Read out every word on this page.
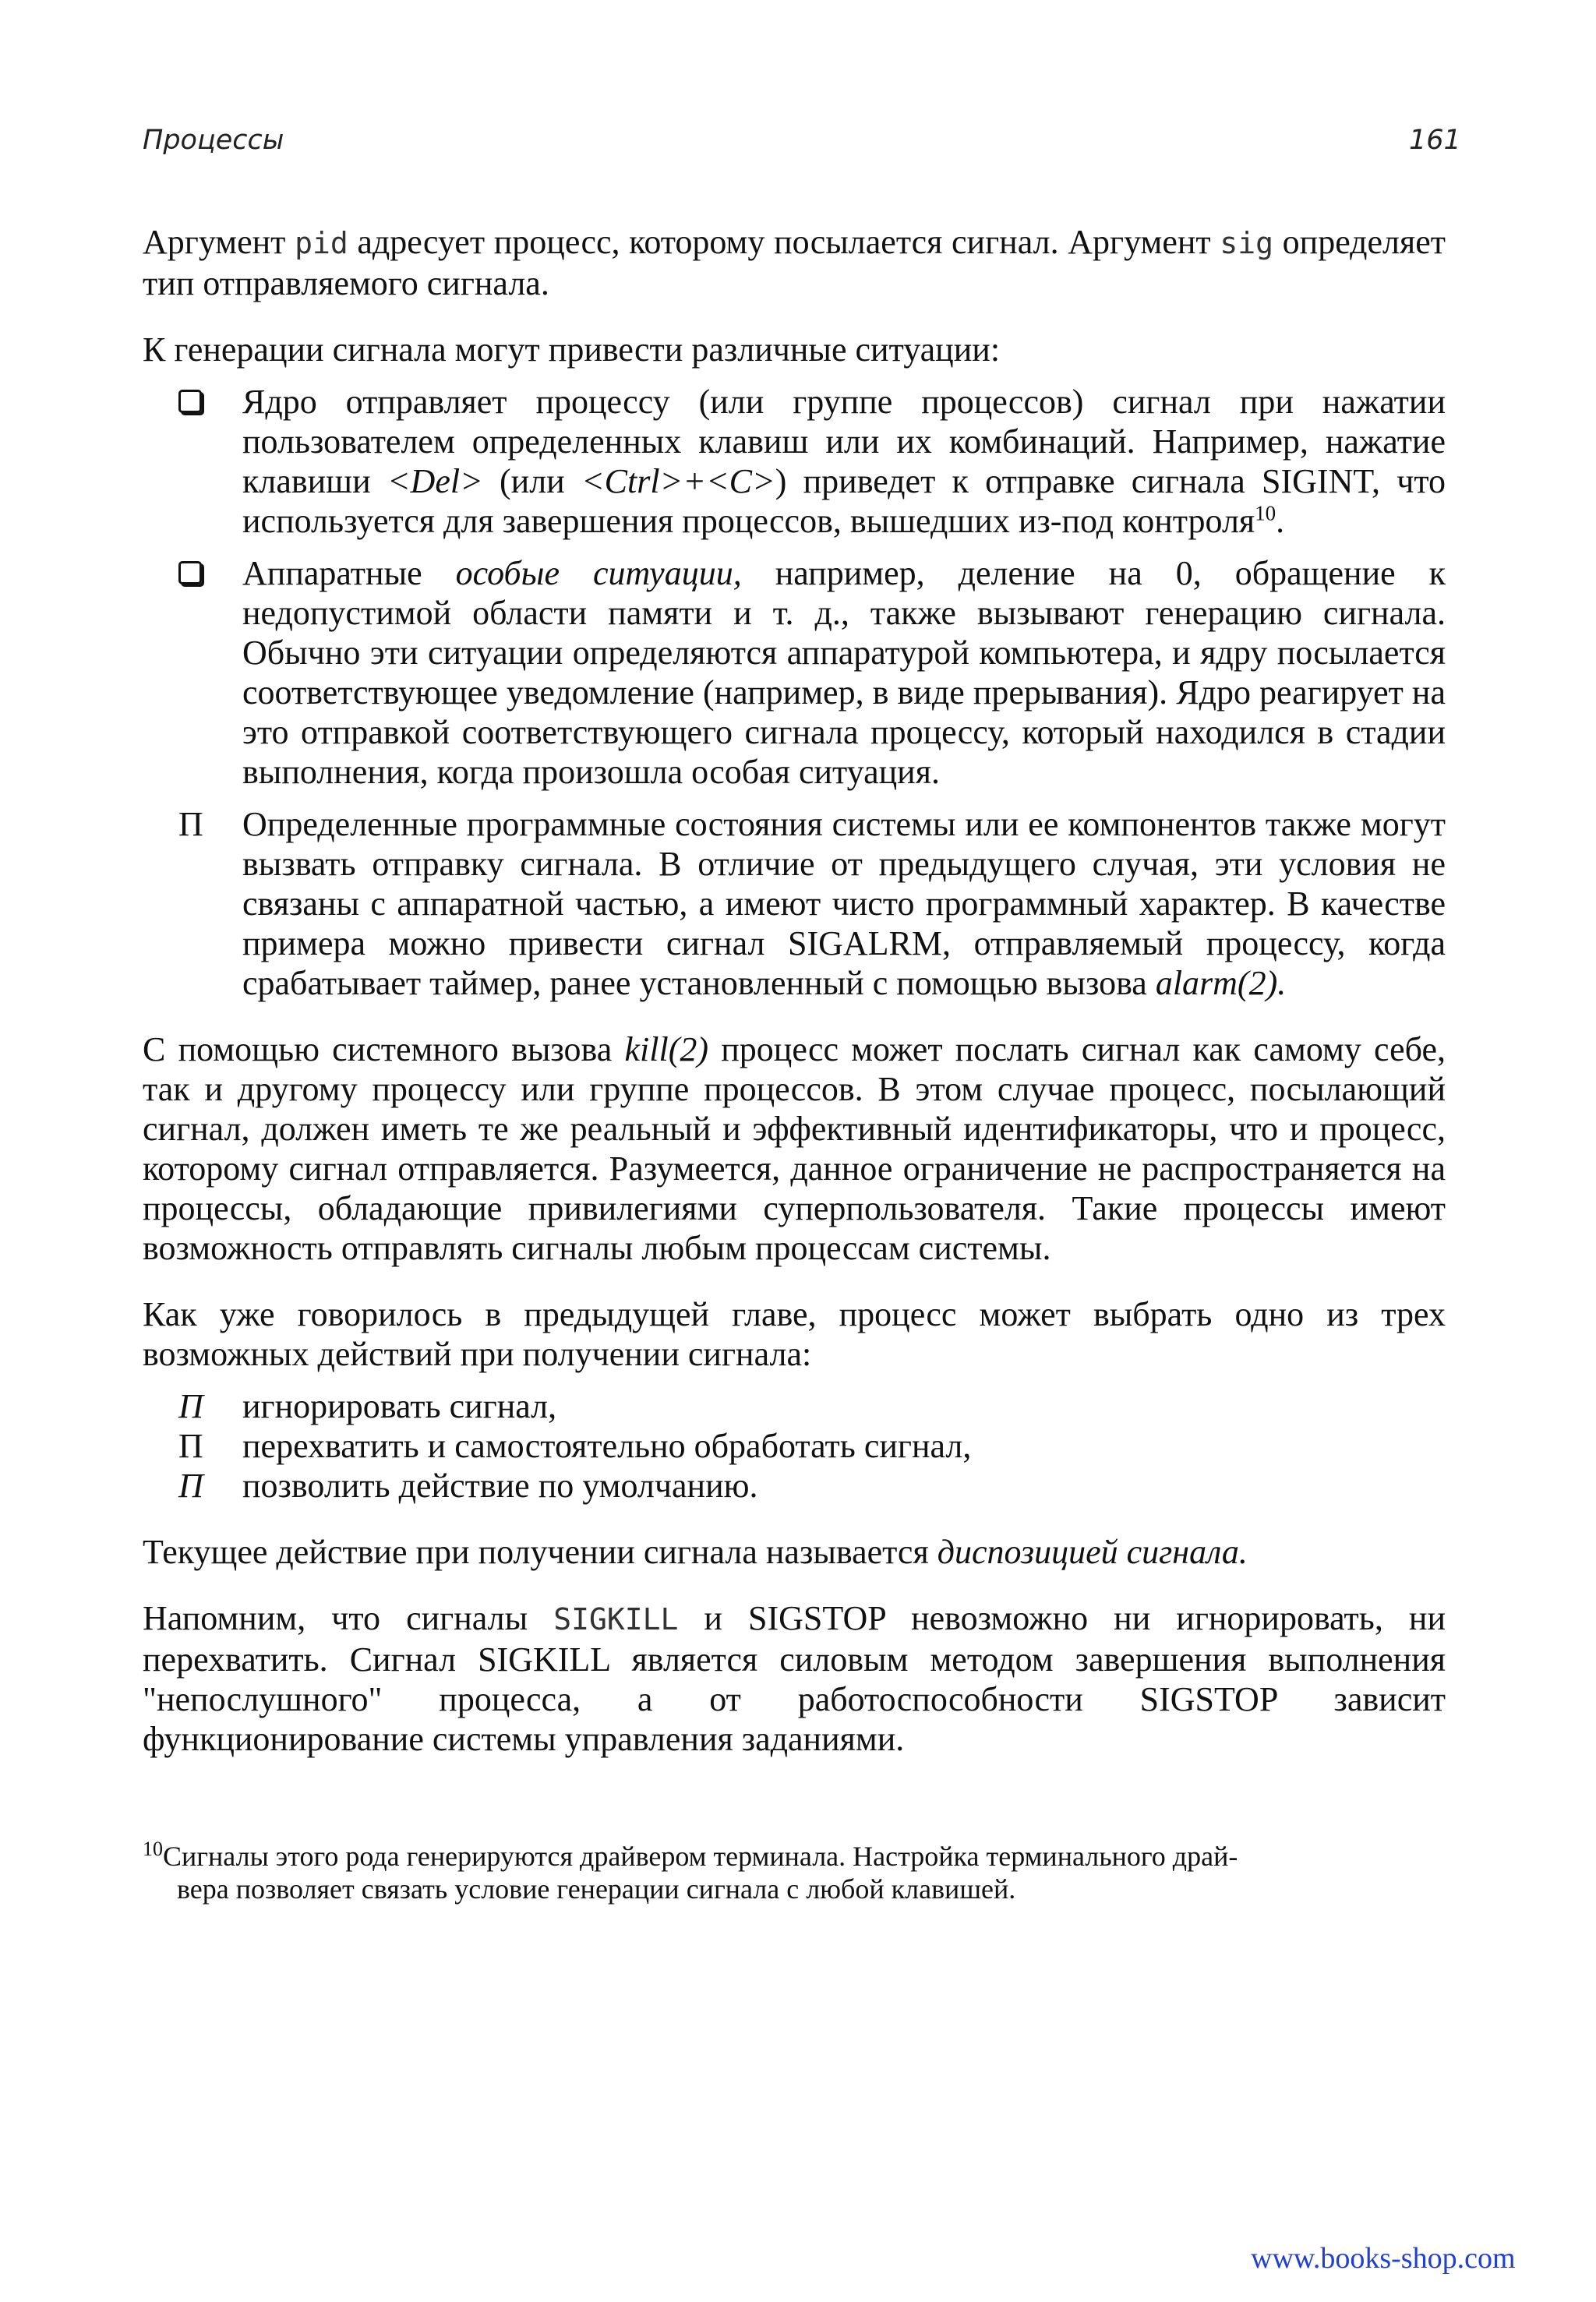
Процессы	161

Аргумент pid адресует процесс, которому посылается сигнал. Аргумент sig определяет тип отправляемого сигнала.

К генерации сигнала могут привести различные ситуации:

Ядро отправляет процессу (или группе процессов) сигнал при нажатии пользователем определенных клавиш или их комбинаций. Например, нажатие клавиши <Del> (или <Ctrl>+<C>) приведет к отправке сигнала SIGINT, что используется для завершения процессов, вышедших из-под контроля$^{10}$.
Аппаратные особые ситуации, например, деление на 0, обращение к недопустимой области памяти и т. д., также вызывают генерацию сигнала. Обычно эти ситуации определяются аппаратурой компьютера, и ядру посылается соответствующее уведомление (например, в виде прерывания). Ядро реагирует на это отправкой соответствующего сигнала процессу, который находился в стадии выполнения, когда произошла особая ситуация.
П	Определенные программные состояния системы или ее компонентов также могут вызвать отправку сигнала. В отличие от предыдущего случая, эти условия не связаны с аппаратной частью, а имеют чисто программный характер. В качестве примера можно привести сигнал SIGALRM, отправляемый процессу, когда срабатывает таймер, ранее установленный с помощью вызова alarm(2).

С помощью системного вызова kill(2) процесс может послать сигнал как самому себе, так и другому процессу или группе процессов. В этом случае процесс, посылающий сигнал, должен иметь те же реальный и эффективный идентификаторы, что и процесс, которому сигнал отправляется. Разумеется, данное ограничение не распространяется на процессы, обладающие привилегиями суперпользователя. Такие процессы имеют возможность отправлять сигналы любым процессам системы.

Как уже говорилось в предыдущей главе, процесс может выбрать одно из трех возможных действий при получении сигнала:

П игнорировать сигнал,
П перехватить и самостоятельно обработать сигнал,
П позволить действие по умолчанию.

Текущее действие при получении сигнала называется диспозицией сигнала.

Напомним, что сигналы SIGKILL и SIGSTOP невозможно ни игнорировать, ни перехватить. Сигнал SIGKILL является силовым методом завершения выполнения "непослушного" процесса, а от работоспособности SIGSTOP зависит функционирование системы управления заданиями.

$^{10}$Сигналы этого рода генерируются драйвером терминала. Настройка терминального драй-
вера позволяет связать условие генерации сигнала с любой клавишей.
www.books-shop.com
